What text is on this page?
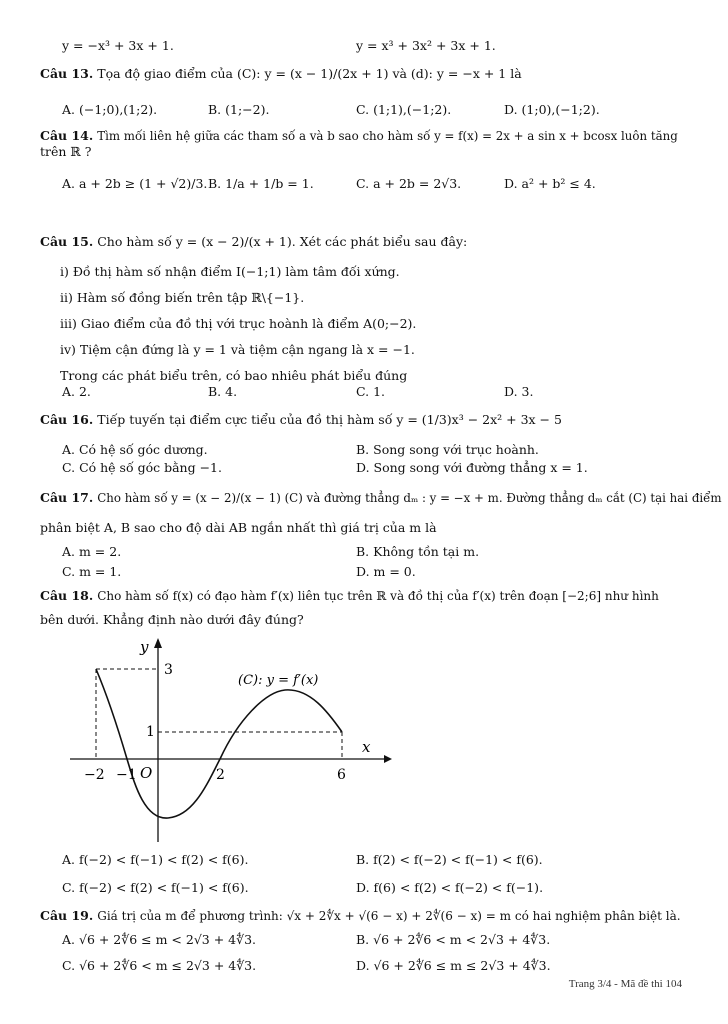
y = −x³ + 3x + 1.	y = x³ + 3x² + 3x + 1.
Câu 13. Tọa độ giao điểm của (C): y = (x − 1)/(2x + 1) và (d): y = −x + 1 là
A. (−1;0),(1;2).	B. (1;−2).	C. (1;1),(−1;2).	D. (1;0),(−1;2).
Câu 14. Tìm mối liên hệ giữa các tham số a và b sao cho hàm số y = f(x) = 2x + a sin x + bcosx luôn tăng
trên ℝ ?
A. a + 2b ≥ (1 + √2)/3. B. 1/a + 1/b = 1.	C. a + 2b = 2√3.	D. a² + b² ≤ 4.
Câu 15. Cho hàm số y = (x − 2)/(x + 1). Xét các phát biểu sau đây:
i) Đồ thị hàm số nhận điểm I(−1;1) làm tâm đối xứng.
ii) Hàm số đồng biến trên tập ℝ\{−1}.
iii) Giao điểm của đồ thị với trục hoành là điểm A(0;−2).
iv) Tiệm cận đứng là y = 1 và tiệm cận ngang là x = −1.
Trong các phát biểu trên, có bao nhiêu phát biểu đúng
A. 2.	B. 4.	C. 1.	D. 3.
Câu 16. Tiếp tuyến tại điểm cực tiểu của đồ thị hàm số y = (1/3)x³ − 2x² + 3x − 5
A. Có hệ số góc dương.	B. Song song với trục hoành.
C. Có hệ số góc bằng −1.	D. Song song với đường thẳng x = 1.
Câu 17. Cho hàm số y = (x − 2)/(x − 1) (C) và đường thẳng dₘ : y = −x + m. Đường thẳng dₘ cắt (C) tại hai điểm
phân biệt A, B sao cho độ dài AB ngắn nhất thì giá trị của m là
A. m = 2.	B. Không tồn tại m.
C. m = 1.	D. m = 0.
Câu 18. Cho hàm số f(x) có đạo hàm f′(x) liên tục trên ℝ và đồ thị của f′(x) trên đoạn [−2;6] như hình
bên dưới. Khẳng định nào dưới đây đúng?
y
x
O
(C): y = f′(x)
3
1
−2 −1	2	6
A. f(−2) < f(−1) < f(2) < f(6).	B. f(2) < f(−2) < f(−1) < f(6).
C. f(−2) < f(2) < f(−1) < f(6).	D. f(6) < f(2) < f(−2) < f(−1).
Câu 19. Giá trị của m để phương trình: √x + 2∜x + √(6 − x) + 2∜(6 − x) = m có hai nghiệm phân biệt là.
A. √6 + 2∜6 ≤ m < 2√3 + 4∜3.	B. √6 + 2∜6 < m < 2√3 + 4∜3.
C. √6 + 2∜6 < m ≤ 2√3 + 4∜3.	D. √6 + 2∜6 ≤ m ≤ 2√3 + 4∜3.
Trang 3/4 - Mã đề thi 104
